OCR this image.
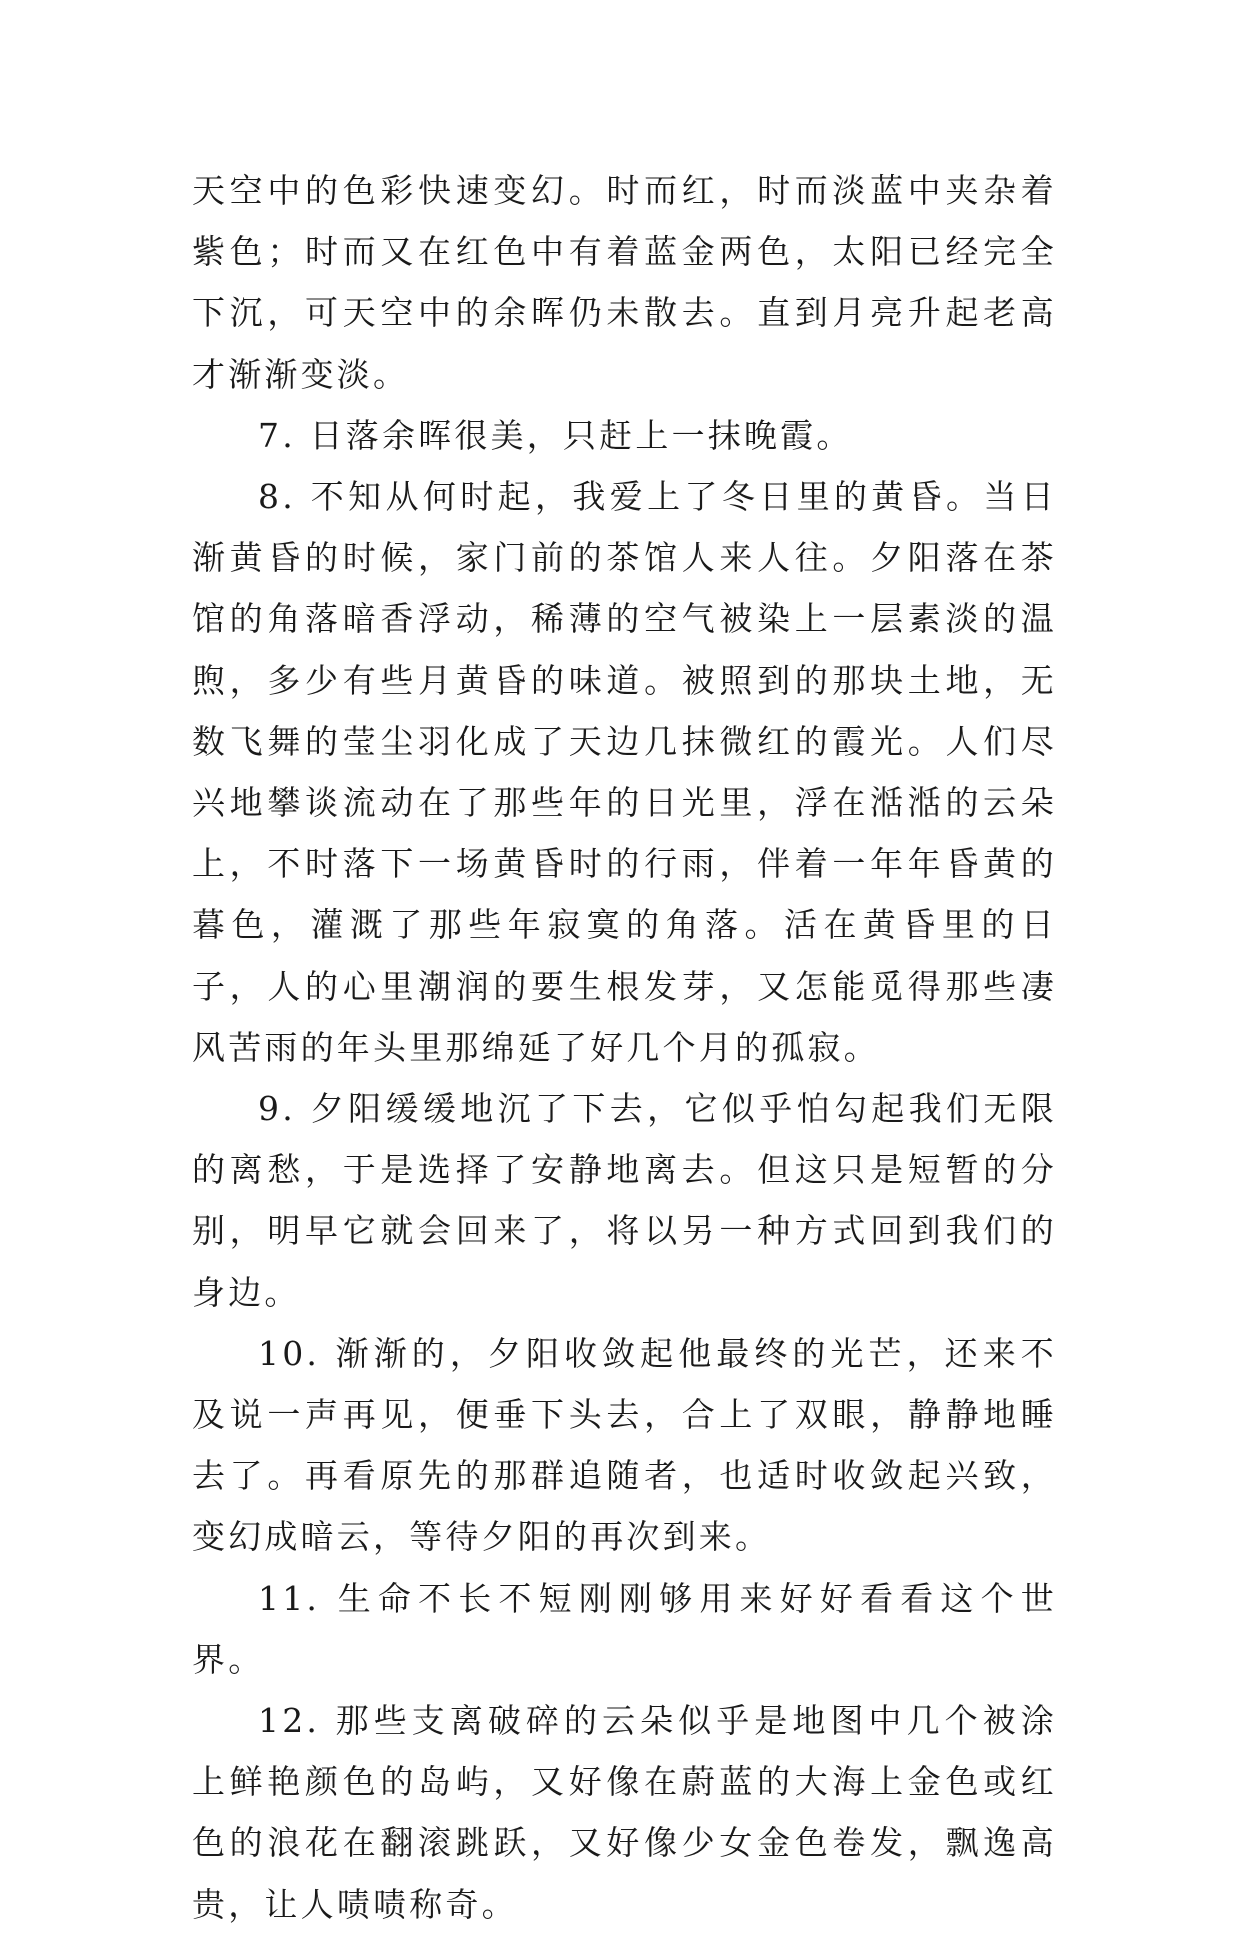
天空中的色彩快速变幻。时而红，时而淡蓝中夹杂着紫色；时而又在红色中有着蓝金两色，太阳已经完全下沉，可天空中的余晖仍未散去。直到月亮升起老高才渐渐变淡。

7. 日落余晖很美，只赶上一抹晚霞。

8. 不知从何时起，我爱上了冬日里的黄昏。当日渐黄昏的时候，家门前的茶馆人来人往。夕阳落在茶馆的角落暗香浮动，稀薄的空气被染上一层素淡的温煦，多少有些月黄昏的味道。被照到的那块土地，无数飞舞的莹尘羽化成了天边几抹微红的霞光。人们尽兴地攀谈流动在了那些年的日光里，浮在湉湉的云朵上，不时落下一场黄昏时的行雨，伴着一年年昏黄的暮色，灌溉了那些年寂寞的角落。活在黄昏里的日子，人的心里潮润的要生根发芽，又怎能觅得那些凄风苦雨的年头里那绵延了好几个月的孤寂。

9. 夕阳缓缓地沉了下去，它似乎怕勾起我们无限的离愁，于是选择了安静地离去。但这只是短暂的分别，明早它就会回来了，将以另一种方式回到我们的身边。

10. 渐渐的，夕阳收敛起他最终的光芒，还来不及说一声再见，便垂下头去，合上了双眼，静静地睡去了。再看原先的那群追随者，也适时收敛起兴致，变幻成暗云，等待夕阳的再次到来。

11. 生命不长不短刚刚够用来好好看看这个世界。

12. 那些支离破碎的云朵似乎是地图中几个被涂上鲜艳颜色的岛屿，又好像在蔚蓝的大海上金色或红色的浪花在翻滚跳跃，又好像少女金色卷发，飘逸高贵，让人啧啧称奇。
